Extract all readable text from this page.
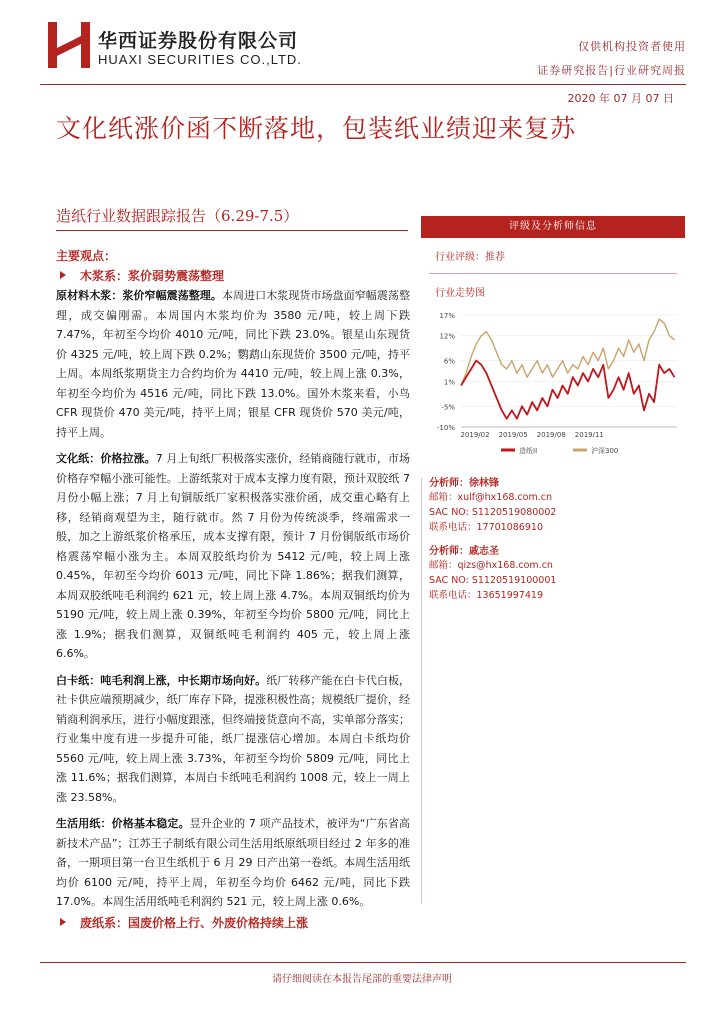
华西证券股份有限公司
HUAXI SECURITIES CO.,LTD.
仅供机构投资者使用
证券研究报告|行业研究周报
2020 年 07 月 07 日
文化纸涨价函不断落地，包装纸业绩迎来复苏
造纸行业数据跟踪报告（6.29-7.5）
主要观点：
木浆系：浆价弱势震荡整理

原材料木浆：浆价窄幅震荡整理。本周进口木浆现货市场盘面窄幅震荡整理，成交偏刚需。本周国内木浆均价为 3580 元/吨，较上周下跌 7.47%，年初至今均价 4010 元/吨，同比下跌 23.0%。银星山东现货价 4325 元/吨，较上周下跌 0.2%；鹦鹉山东现货价 3500 元/吨，持平上周。本周纸浆期货主力合约均价为 4410 元/吨，较上周上涨 0.3%，年初至今均价为 4516 元/吨，同比下跌 13.0%。国外木浆来看，小鸟 CFR 现货价 470 美元/吨，持平上周；银星 CFR 现货价 570 美元/吨，持平上周。

文化纸：价格拉涨。7 月上旬纸厂积极落实涨价，经销商随行就市，市场价格存窄幅小涨可能性。上游纸浆对于成本支撑力度有限，预计双胶纸 7 月份小幅上涨；7 月上旬铜版纸厂家积极落实涨价函，成交重心略有上移，经销商观望为主，随行就市。然 7 月份为传统淡季，终端需求一般，加之上游纸浆价格承压，成本支撑有限，预计 7 月份铜版纸市场价格震荡窄幅小涨为主。本周双胶纸均价为 5412 元/吨，较上周上涨 0.45%，年初至今均价 6013 元/吨，同比下降 1.86%；据我们测算，本周双胶纸吨毛利润约 621 元，较上周上涨 4.7%。本周双铜纸均价为 5190 元/吨，较上周上涨 0.39%，年初至今均价 5800 元/吨，同比上涨 1.9%；据我们测算，双铜纸吨毛利润约 405 元，较上周上涨 6.6%。

白卡纸：吨毛利润上涨，中长期市场向好。纸厂转移产能在白卡代白板，社卡供应端预期减少，纸厂库存下降，提涨积极性高；规模纸厂提价，经销商利润承压，进行小幅度跟涨，但终端接货意向不高，实单部分落实；行业集中度有进一步提升可能，纸厂提涨信心增加。本周白卡纸均价 5560 元/吨，较上周上涨 3.73%，年初至今均价 5809 元/吨，同比上涨 11.6%；据我们测算，本周白卡纸吨毛利润约 1008 元，较上一周上涨 23.58%。

生活用纸：价格基本稳定。昱升企业的 7 项产品技术，被评为“广东省高新技术产品”；江苏王子制纸有限公司生活用纸原纸项目经过 2 年多的准备，一期项目第一台卫生纸机于 6 月 29 日产出第一卷纸。本周生活用纸均价 6100 元/吨，持平上周，年初至今均价 6462 元/吨，同比下跌 17.0%。本周生活用纸吨毛利润约 521 元，较上周上涨 0.6%。

废纸系：国废价格上行、外废价格持续上涨
评级及分析师信息
行业评级：推荐
行业走势图
17%
12%
6%
1%
-5%
-10%
2019/02 2019/05 2019/08 2019/11
造纸II	沪深300
分析师：徐林锋
邮箱：xulf@hx168.com.cn
SAC NO: S1120519080002
联系电话：17701086910
分析师：戚志圣
邮箱：qizs@hx168.com.cn
SAC NO: S1120519100001
联系电话：13651997419
请仔细阅读在本报告尾部的重要法律声明
